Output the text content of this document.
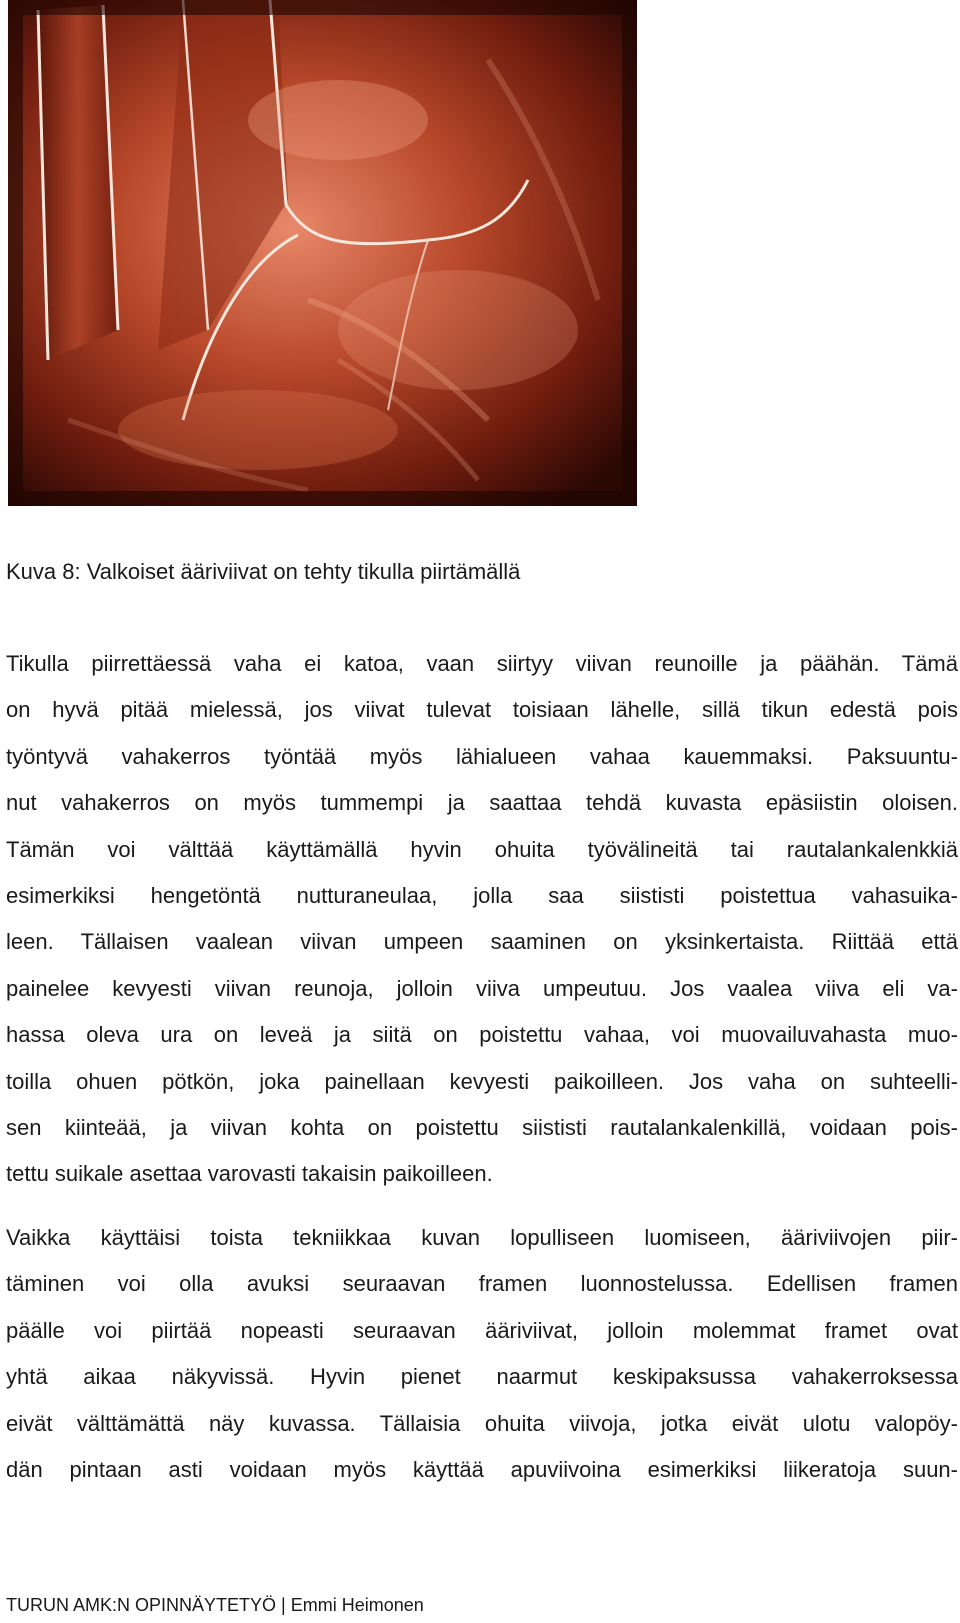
Kuva 8: Valkoiset ääriviivat on tehty tikulla piirtämällä

Tikulla piirrettäessä vaha ei katoa, vaan siirtyy viivan reunoille ja päähän. Tämä
on hyvä pitää mielessä, jos viivat tulevat toisiaan lähelle, sillä tikun edestä pois
työntyvä vahakerros työntää myös lähialueen vahaa kauemmaksi. Paksuuntu-
nut vahakerros on myös tummempi ja saattaa tehdä kuvasta epäsiistin oloisen.
Tämän voi välttää käyttämällä hyvin ohuita työvälineitä tai rautalankalenkkiä
esimerkiksi hengetöntä nutturaneulaa, jolla saa siististi poistettua vahasuika-
leen. Tällaisen vaalean viivan umpeen saaminen on yksinkertaista. Riittää että
painelee kevyesti viivan reunoja, jolloin viiva umpeutuu. Jos vaalea viiva eli va-
hassa oleva ura on leveä ja siitä on poistettu vahaa, voi muovailuvahasta muo-
toilla ohuen pötkön, joka painellaan kevyesti paikoilleen. Jos vaha on suhteelli-
sen kiinteää, ja viivan kohta on poistettu siististi rautalankalenkillä, voidaan pois-
tettu suikale asettaa varovasti takaisin paikoilleen.
Vaikka käyttäisi toista tekniikkaa kuvan lopulliseen luomiseen, ääriviivojen piir-
täminen voi olla avuksi seuraavan framen luonnostelussa. Edellisen framen
päälle voi piirtää nopeasti seuraavan ääriviivat, jolloin molemmat framet ovat
yhtä aikaa näkyvissä. Hyvin pienet naarmut keskipaksussa vahakerroksessa
eivät välttämättä näy kuvassa. Tällaisia ohuita viivoja, jotka eivät ulotu valopöy-
dän pintaan asti voidaan myös käyttää apuviivoina esimerkiksi liikeratoja suun-

TURUN AMK:N OPINNÄYTETYÖ | Emmi Heimonen
